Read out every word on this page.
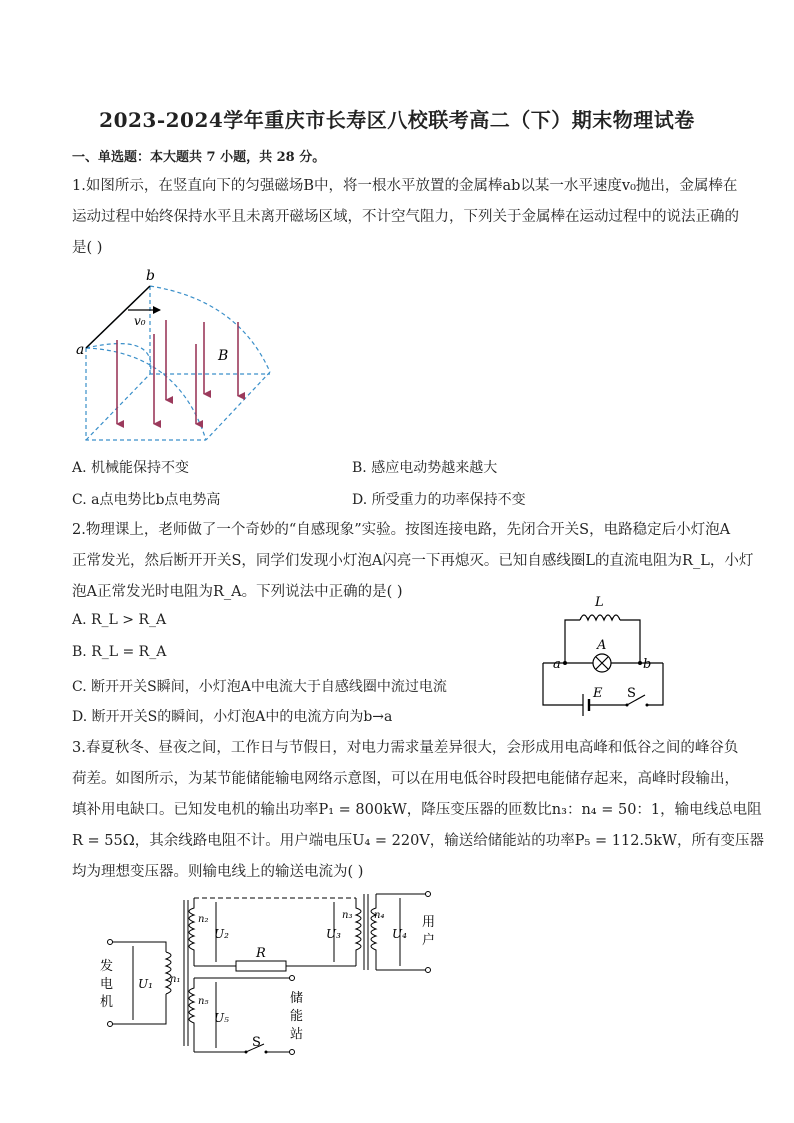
2023-2024学年重庆市长寿区八校联考高二（下）期末物理试卷
一、单选题：本大题共 7 小题，共 28 分。
1.如图所示，在竖直向下的匀强磁场B中，将一根水平放置的金属棒ab以某一水平速度v₀抛出，金属棒在
运动过程中始终保持水平且未离开磁场区域，不计空气阻力，下列关于金属棒在运动过程中的说法正确的
是( )
a
b
v₀
B
A. 机械能保持不变	B. 感应电动势越来越大
C. a点电势比b点电势高	D. 所受重力的功率保持不变
2.物理课上，老师做了一个奇妙的“自感现象”实验。按图连接电路，先闭合开关S，电路稳定后小灯泡A
正常发光，然后断开开关S，同学们发现小灯泡A闪亮一下再熄灭。已知自感线圈L的直流电阻为R_L，小灯
泡A正常发光时电阻为R_A。下列说法中正确的是( )
A. R_L > R_A
B. R_L = R_A
C. 断开开关S瞬间，小灯泡A中电流大于自感线圈中流过电流
D. 断开开关S的瞬间，小灯泡A中的电流方向为b→a
L
A
a	b
E S
3.春夏秋冬、昼夜之间，工作日与节假日，对电力需求量差异很大，会形成用电高峰和低谷之间的峰谷负
荷差。如图所示，为某节能储能输电网络示意图，可以在用电低谷时段把电能储存起来，高峰时段输出，
填补用电缺口。已知发电机的输出功率P₁ = 800kW，降压变压器的匝数比n₃：n₄ = 50：1，输电线总电阻
R = 55Ω，其余线路电阻不计。用户端电压U₄ = 220V，输送给储能站的功率P₅ = 112.5kW，所有变压器
均为理想变压器。则输电线上的输送电流为( )
发
电
机
用
户
储
能
站
R
S
n₁
n₂	n₃ n₄
n₅
U₁
U₂	U₃	U₄
U₅
